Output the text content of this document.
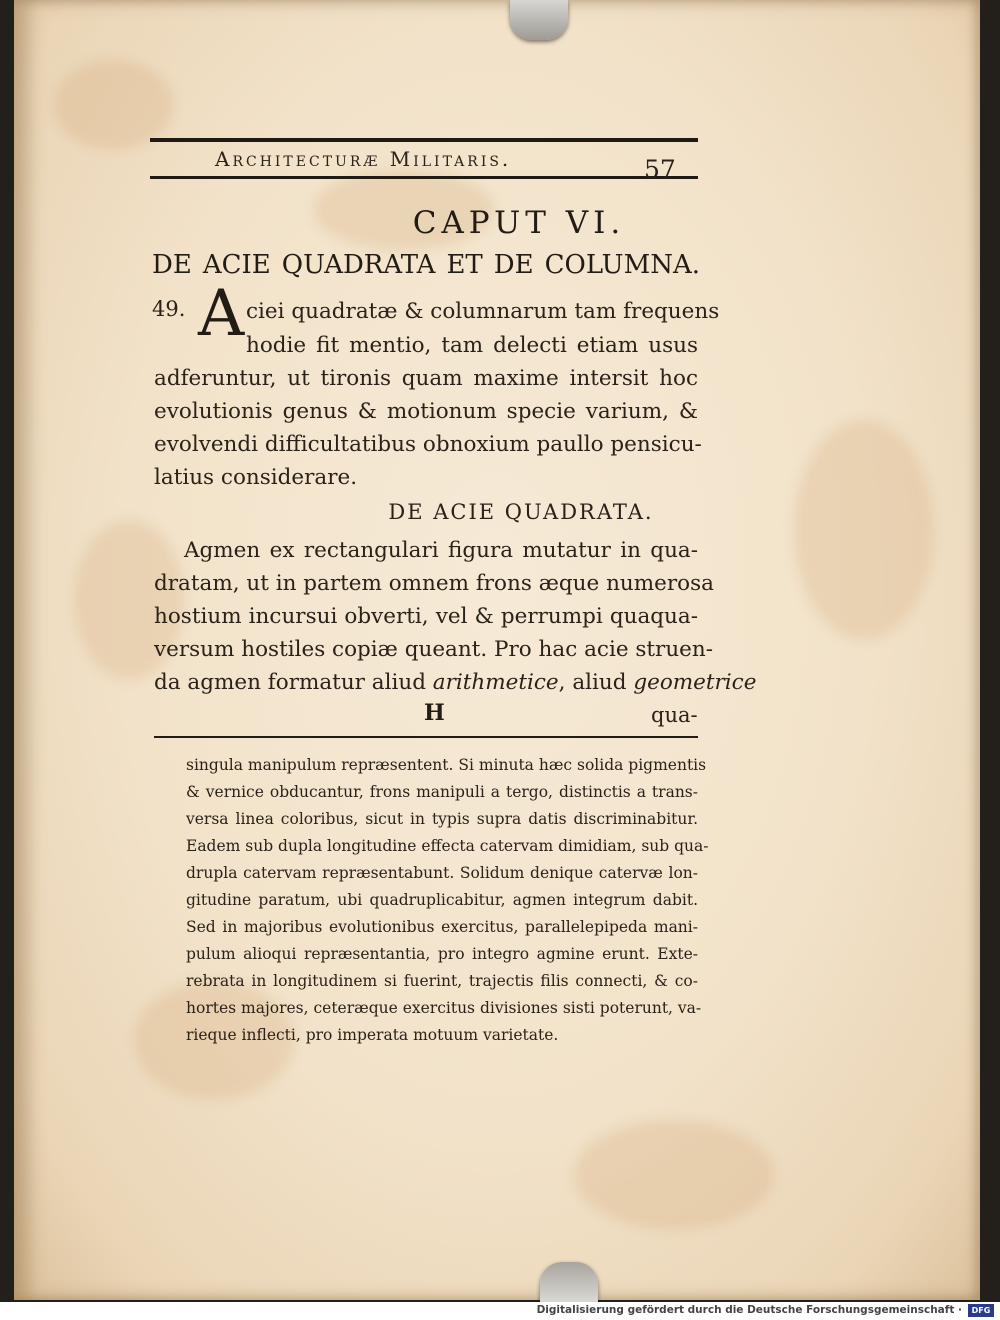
Architecturæ Militaris.	57
CAPUT VI.
DE ACIE QUADRATA ET DE COLUMNA.
49. A ciei quadratæ & columnarum tam frequens
hodie fit mentio, tam delecti etiam usus
adferuntur, ut tironis quam maxime intersit hoc
evolutionis genus & motionum specie varium, &
evolvendi difficultatibus obnoxium paullo pensicu-
latius considerare.
DE ACIE QUADRATA.
Agmen ex rectangulari figura mutatur in qua-
dratam, ut in partem omnem frons æque numerosa
hostium incursui obverti, vel & perrumpi quaqua-
versum hostiles copiæ queant. Pro hac acie struen-
da agmen formatur aliud arithmetice, aliud geometrice
H	qua-
singula manipulum repræsentent. Si minuta hæc solida pigmentis
& vernice obducantur, frons manipuli a tergo, distinctis a trans-
versa linea coloribus, sicut in typis supra datis discriminabitur.
Eadem sub dupla longitudine effecta catervam dimidiam, sub qua-
drupla catervam repræsentabunt. Solidum denique catervæ lon-
gitudine paratum, ubi quadruplicabitur, agmen integrum dabit.
Sed in majoribus evolutionibus exercitus, parallelepipeda mani-
pulum alioqui repræsentantia, pro integro agmine erunt. Exte-
rebrata in longitudinem si fuerint, trajectis filis connecti, & co-
hortes majores, ceteræque exercitus divisiones sisti poterunt, va-
rieque inflecti, pro imperata motuum varietate.
Digitalisierung gefördert durch die Deutsche Forschungsgemeinschaft ·	DFG
